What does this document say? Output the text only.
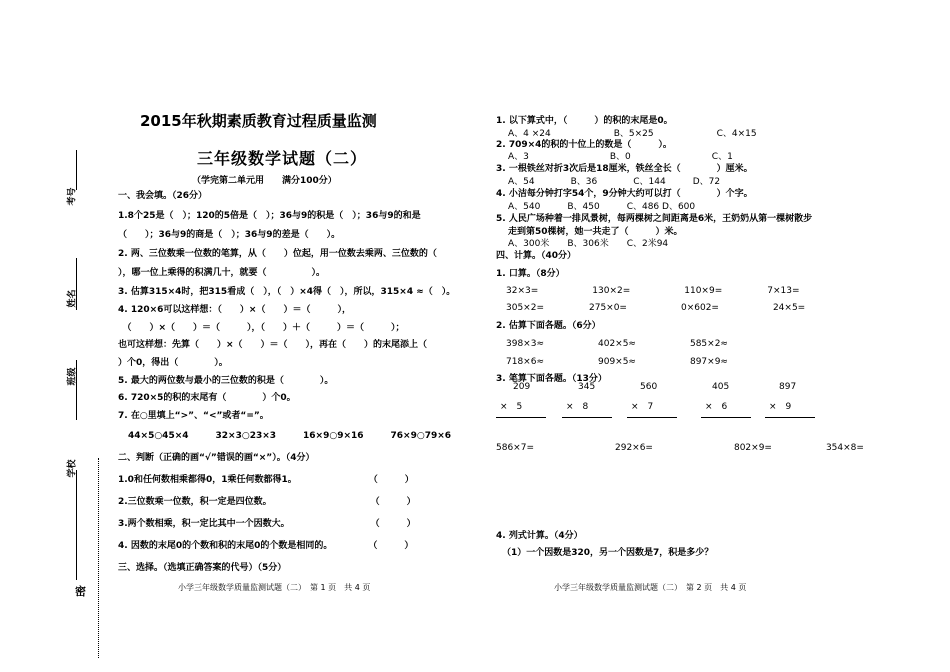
考号
姓名
班级
学校
密
2015年秋期素质教育过程质量监测
三年级数学试题（二）
（学完第二单元用　　满分100分）
一、我会填。（26分）
1.8个25是（　）；120的5倍是（　）；36与9的积是（　）；36与9的和是
（　　）；36与9的商是（　）；36与9的差是（　　）。
2. 两、三位数乘一位数的笔算，从（　　）位起，用一位数去乘两、三位数的（
），哪一位上乘得的积满几十，就要（　　　　　）。
3. 估算315×4时，把315看成（　），（　）×4得（　），所以，315×4 ≈（　）。
4. 120×6可以这样想：（　　）×（　　）＝（　　　），
　（　　）×（　　）＝（　　　），（　　）＋（　　　）＝（　　　）；
也可这样想：先算（　　）×（　　）＝（　　），再在（　　）的末尾添上（
）个0，得出（　　　　）。
5. 最大的两位数与最小的三位数的积是（　　　　）。
6. 720×5的积的末尾有（　　　　）个0。
7. 在○里填上“>”、“<”或者“=”。
44×5○45×4　　　32×3○23×3　　　16×9○9×16　　　76×9○79×6
二、判断（正确的画“√”错误的画“×”）。（4分）
1.0和任何数相乘都得0，1乘任何数都得1。　　　　　　　　　（　　　）
2.三位数乘一位数，积一定是四位数。　　　　　　　　　　　　（　　　）
3.两个数相乘，积一定比其中一个因数大。　　　　　　　　　　（　　　）
4. 因数的末尾0的个数和积的末尾0的个数是相同的。　　　　　（　　　）
三、选择。（选填正确答案的代号）（5分）
1. 以下算式中，（　　　）的积的末尾是0。
A、4 ×24　　　　　　　B、5×25　　　　　　　C、4×15
2. 709×4的积的十位上的数是（　　　）。
A、3　　　　　　　　　B、0　　　　　　　　　C、1
3. 一根铁丝对折3次后是18厘米，铁丝全长（　　　　）厘米。
A、54　　　　B、36　　　　C、144　　　D、72
4. 小洁每分钟打字54个，9分钟大约可以打（　　　　）个字。
A、540　　　B、450　　　C、486 D、600
5. 人民广场种着一排风景树，每两棵树之间距离是6米，王奶奶从第一棵树散步
走到第50棵树，她一共走了（　　　）米。
A、300米　　B、306米　　C、2米94
四、计算。（40分）
1. 口算。（8分）
32×3=　　　　　　130×2=　　　　　　110×9=　　　　　7×13=
305×2=　　　　　275×0=　　　　　　0×602=　　　　　　24×5=
2. 估算下面各题。（6分）
398×3≈　　　　　　402×5≈　　　　　　585×2≈
718×6≈　　　　　　909×5≈　　　　　　897×9≈
3. 笔算下面各题。（13分）
586×7=　　　　　　　　　292×6=　　　　　　　　　802×9=　　　　　　354×8=
4. 列式计算。（4分）
（1）一个因数是320，另一个因数是7，积是多少？
209
×　5
345
×　8
560
×　7
405
×　6
897
×　9
小学三年级数学质量监测试题（二）　第 1 页　共 4 页	小学三年级数学质量监测试题（二）　第 2 页　共 4 页
